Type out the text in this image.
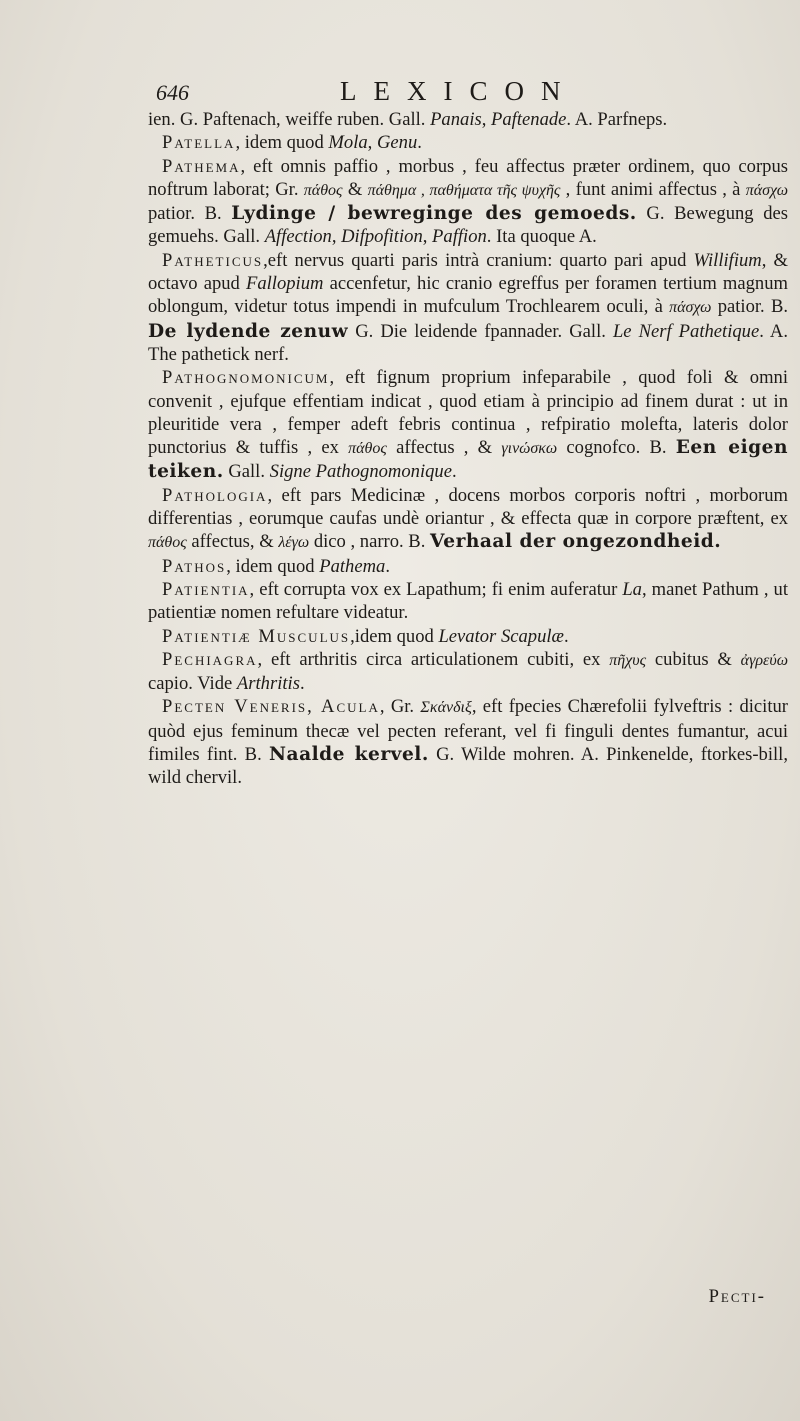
646	LEXICON

ien. G. Paftenach, weiffe ruben. Gall. Panais, Paftenade. A. Parfneps.

Patella, idem quod Mola, Genu.

Pathema, eft omnis paffio , morbus , feu affectus præter ordinem, quo corpus noftrum laborat; Gr. πάθος & πάθημα , παθήματα τῆς ψυχῆς , funt animi affectus , à πάσχω patior. B. Lydinge / bewreginge des gemoeds. G. Bewegung des gemuehs. Gall. Affection, Difpofition, Paffion. Ita quoque A.

Patheticus,eft nervus quarti paris intrà cranium: quarto pari apud Willifium, & octavo apud Fallopium accenfetur, hic cranio egreffus per foramen tertium magnum oblongum, videtur totus impendi in mufculum Trochlearem oculi, à πάσχω patior. B. De lydende zenuw G. Die leidende fpannader. Gall. Le Nerf Pathetique. A. The pathetick nerf.

Pathognomonicum, eft fignum proprium infeparabile , quod foli & omni convenit , ejufque effentiam indicat , quod etiam à principio ad finem durat : ut in pleuritide vera , femper adeft febris continua , refpiratio molefta, lateris dolor punctorius & tuffis , ex πάθος affectus , & γινώσκω cognofco. B. Een eigen teiken. Gall. Signe Pathognomonique.

Pathologia, eft pars Medicinæ , docens morbos corporis noftri , morborum differentias , eorumque caufas undè oriantur , & effecta quæ in corpore præftent, ex πάθος affectus, & λέγω dico , narro. B. Verhaal der ongezondheid.

Pathos, idem quod Pathema.

Patientia, eft corrupta vox ex Lapathum; fi enim auferatur La, manet Pathum , ut patientiæ nomen refultare videatur.

Patientiæ Musculus,idem quod Levator Scapulæ.

Pechiagra, eft arthritis circa articulationem cubiti, ex πῆχυς cubitus & ἀγρεύω capio. Vide Arthritis.

Pecten Veneris, Acula, Gr. Σκάνδιξ, eft fpecies Chærefolii fylveftris : dicitur quòd ejus feminum thecæ vel pecten referant, vel fi finguli dentes fumantur, acui fimiles fint. B. Naalde kervel. G. Wilde mohren. A. Pinkenelde, ftorkes-bill, wild chervil.

Pecti-
